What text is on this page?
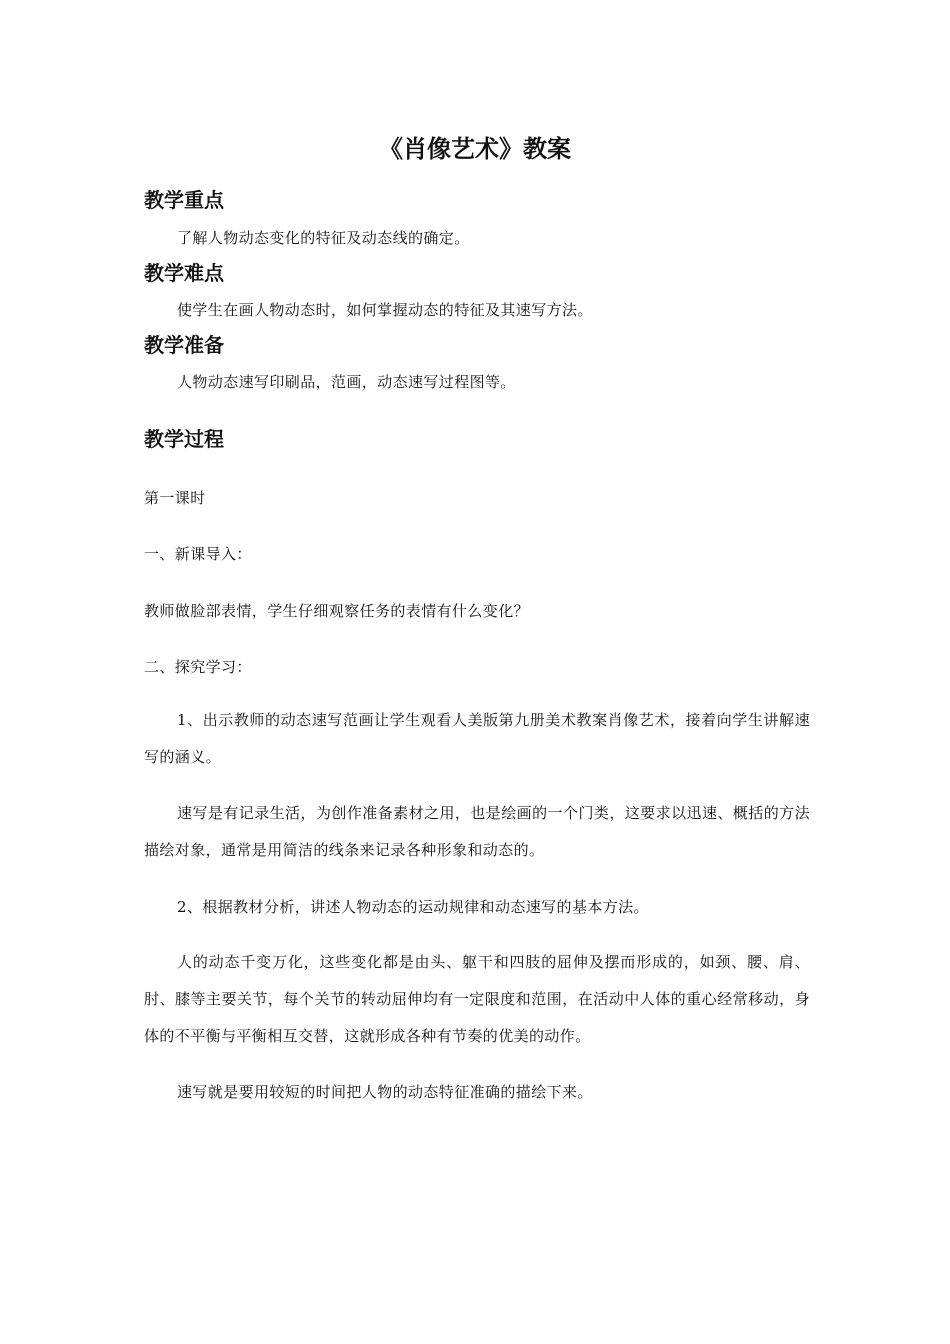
《肖像艺术》教案
教学重点

了解人物动态变化的特征及动态线的确定。

教学难点

使学生在画人物动态时，如何掌握动态的特征及其速写方法。

教学准备

人物动态速写印刷品，范画，动态速写过程图等。

教学过程

第一课时

一、新课导入：

教师做脸部表情，学生仔细观察任务的表情有什么变化？

二、探究学习：

1、出示教师的动态速写范画让学生观看人美版第九册美术教案肖像艺术，接着向学生讲解速写的涵义。

速写是有记录生活，为创作准备素材之用，也是绘画的一个门类，这要求以迅速、概括的方法描绘对象，通常是用简洁的线条来记录各种形象和动态的。

2、根据教材分析，讲述人物动态的运动规律和动态速写的基本方法。

人的动态千变万化，这些变化都是由头、躯干和四肢的屈伸及摆而形成的，如颈、腰、肩、肘、膝等主要关节，每个关节的转动屈伸均有一定限度和范围，在活动中人体的重心经常移动，身体的不平衡与平衡相互交替，这就形成各种有节奏的优美的动作。

速写就是要用较短的时间把人物的动态特征准确的描绘下来。
